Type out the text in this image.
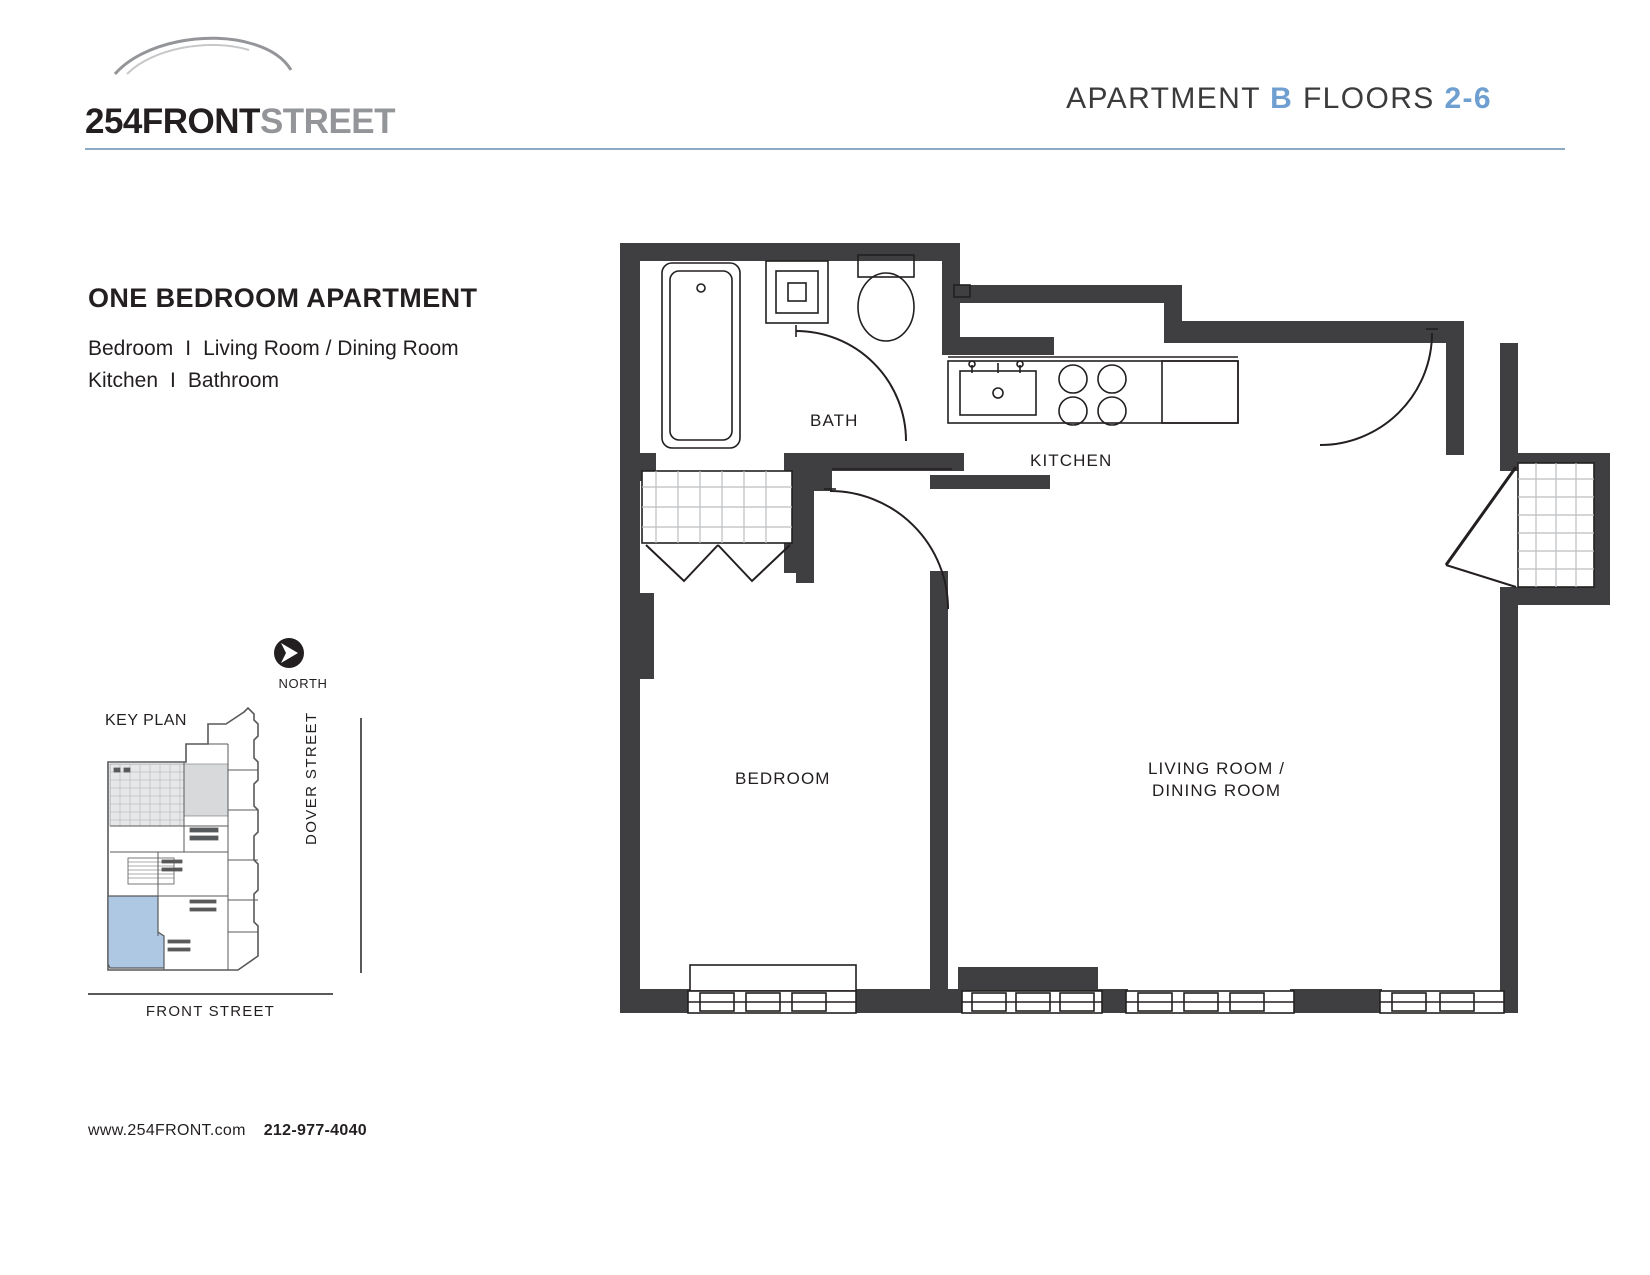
254FRONTSTREET
APARTMENT B FLOORS 2-6
ONE BEDROOM APARTMENT
Bedroom I Living Room / Dining Room
Kitchen I Bathroom
NORTH
KEY PLAN	DOVER STREET
FRONT STREET
www.254FRONT.com 212-977-4040
BATH
KITCHEN
BEDROOM
LIVING ROOM /
DINING ROOM
